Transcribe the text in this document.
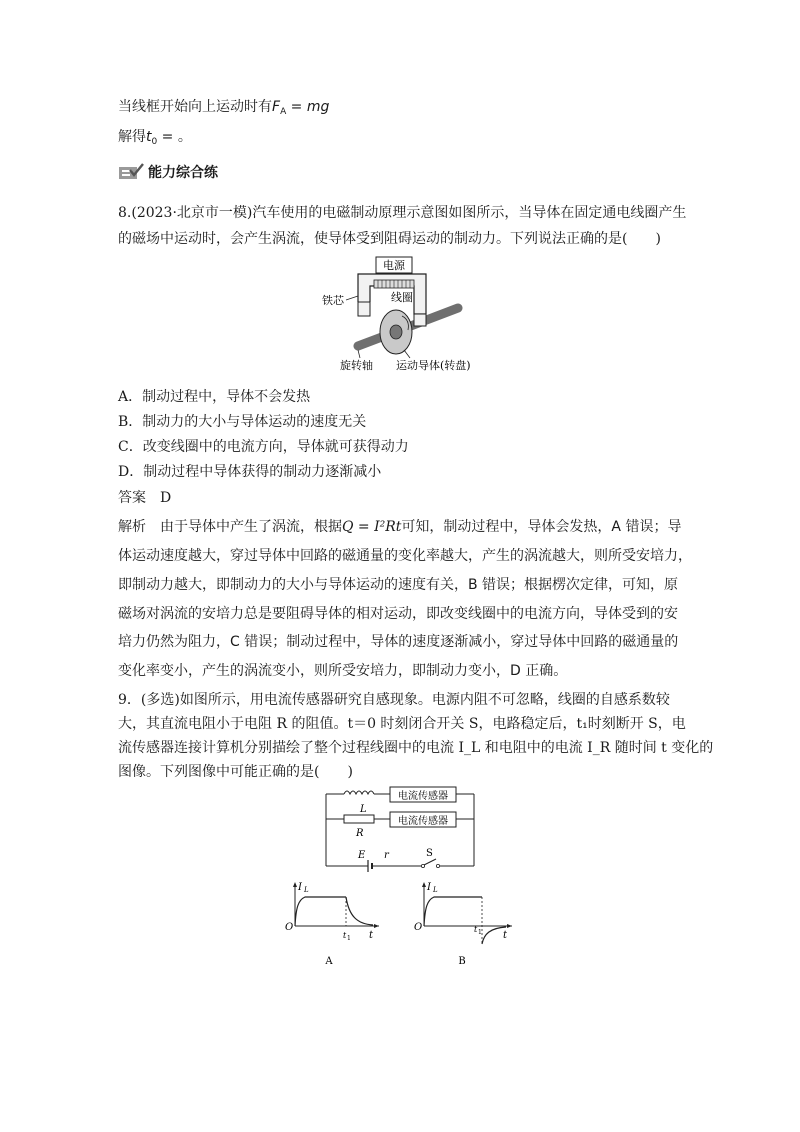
当线框开始向上运动时有$F_A$ = mg
解得$t_0$ = 。
能力综合练
8.(2023·北京市一模)汽车使用的电磁制动原理示意图如图所示，当导体在固定通电线圈产生
的磁场中运动时，会产生涡流，使导体受到阻碍运动的制动力。下列说法正确的是(　　)
电源
线圈
铁芯
旋转轴 运动导体(转盘)
A．制动过程中，导体不会发热
B．制动力的大小与导体运动的速度无关
C．改变线圈中的电流方向，导体就可获得动力
D．制动过程中导体获得的制动力逐渐减小
答案　D
解析　由于导体中产生了涡流，根据Q = I²Rt可知，制动过程中，导体会发热，A 错误；导
体运动速度越大，穿过导体中回路的磁通量的变化率越大，产生的涡流越大，则所受安培力，
即制动力越大，即制动力的大小与导体运动的速度有关，B 错误；根据楞次定律，可知，原
磁场对涡流的安培力总是要阻碍导体的相对运动，即改变线圈中的电流方向，导体受到的安
培力仍然为阻力，C 错误；制动过程中，导体的速度逐渐减小，穿过导体中回路的磁通量的
变化率变小，产生的涡流变小，则所受安培力，即制动力变小，D 正确。
9．(多选)如图所示，用电流传感器研究自感现象。电源内阻不可忽略，线圈的自感系数较
大，其直流电阻小于电阻 R 的阻值。t＝0 时刻闭合开关 S，电路稳定后，t₁时刻断开 S，电
流传感器连接计算机分别描绘了整个过程线圈中的电流 I_L 和电阻中的电流 I_R 随时间 t 变化的
图像。下列图像中可能正确的是(　　)
电流传感器
L
电流传感器
R
E r	S
I L
O
t
t 1
A
I L
O
t
t 1
B
